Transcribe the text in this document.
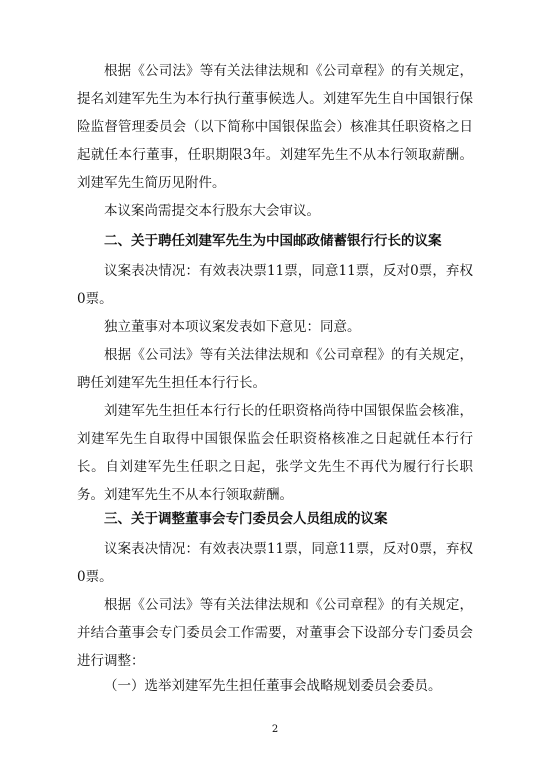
根据《公司法》等有关法律法规和《公司章程》的有关规定，提名刘建军先生为本行执行董事候选人。刘建军先生自中国银行保险监督管理委员会（以下简称中国银保监会）核准其任职资格之日起就任本行董事，任职期限3年。刘建军先生不从本行领取薪酬。刘建军先生简历见附件。

本议案尚需提交本行股东大会审议。

二、关于聘任刘建军先生为中国邮政储蓄银行行长的议案

议案表决情况：有效表决票11票，同意11票，反对0票，弃权0票。

独立董事对本项议案发表如下意见：同意。

根据《公司法》等有关法律法规和《公司章程》的有关规定，聘任刘建军先生担任本行行长。

刘建军先生担任本行行长的任职资格尚待中国银保监会核准，刘建军先生自取得中国银保监会任职资格核准之日起就任本行行长。自刘建军先生任职之日起，张学文先生不再代为履行行长职务。刘建军先生不从本行领取薪酬。

三、关于调整董事会专门委员会人员组成的议案

议案表决情况：有效表决票11票，同意11票，反对0票，弃权0票。

根据《公司法》等有关法律法规和《公司章程》的有关规定，并结合董事会专门委员会工作需要，对董事会下设部分专门委员会进行调整：

（一）选举刘建军先生担任董事会战略规划委员会委员。

2
